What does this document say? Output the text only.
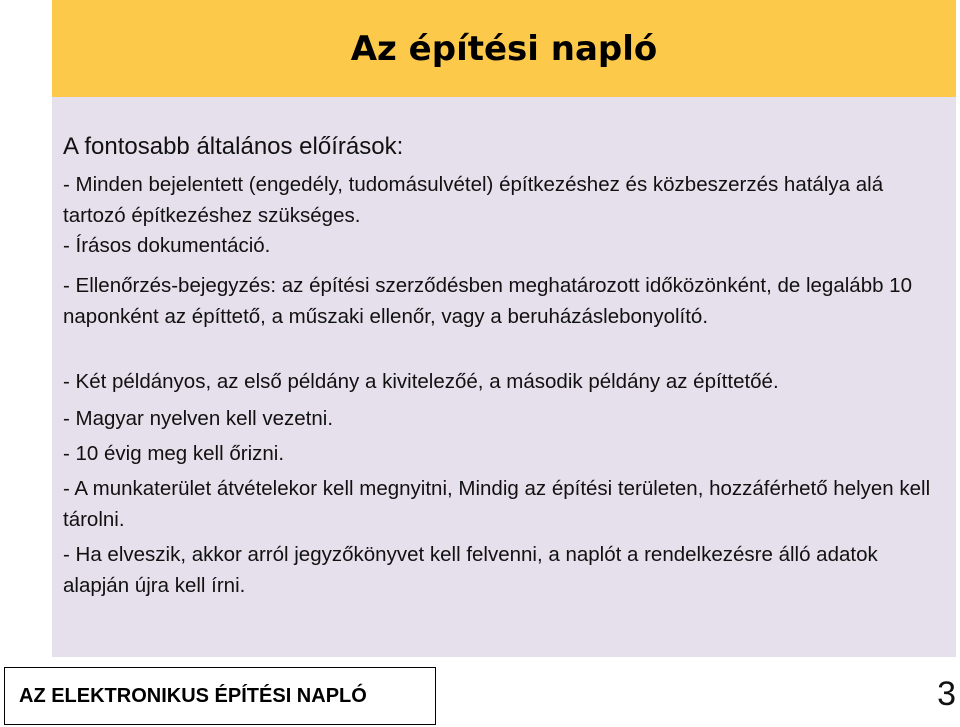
Az építési napló
A fontosabb általános előírások:

- Minden bejelentett (engedély, tudomásulvétel) építkezéshez és közbeszerzés hatálya alá tartozó építkezéshez szükséges.

- Írásos dokumentáció.

- Ellenőrzés-bejegyzés: az építési szerződésben meghatározott időközönként, de legalább 10 naponként az építtető, a műszaki ellenőr, vagy a beruházáslebonyolító.

- Két példányos, az első példány a kivitelezőé, a második példány az építtetőé.

- Magyar nyelven kell vezetni.

- 10 évig meg kell őrizni.

- A munkaterület átvételekor kell megnyitni, Mindig az építési területen, hozzáférhető helyen kell tárolni.

- Ha elveszik, akkor arról jegyzőkönyvet kell felvenni, a naplót a rendelkezésre álló adatok alapján újra kell írni.

AZ ELEKTRONIKUS ÉPÍTÉSI NAPLÓ	3
